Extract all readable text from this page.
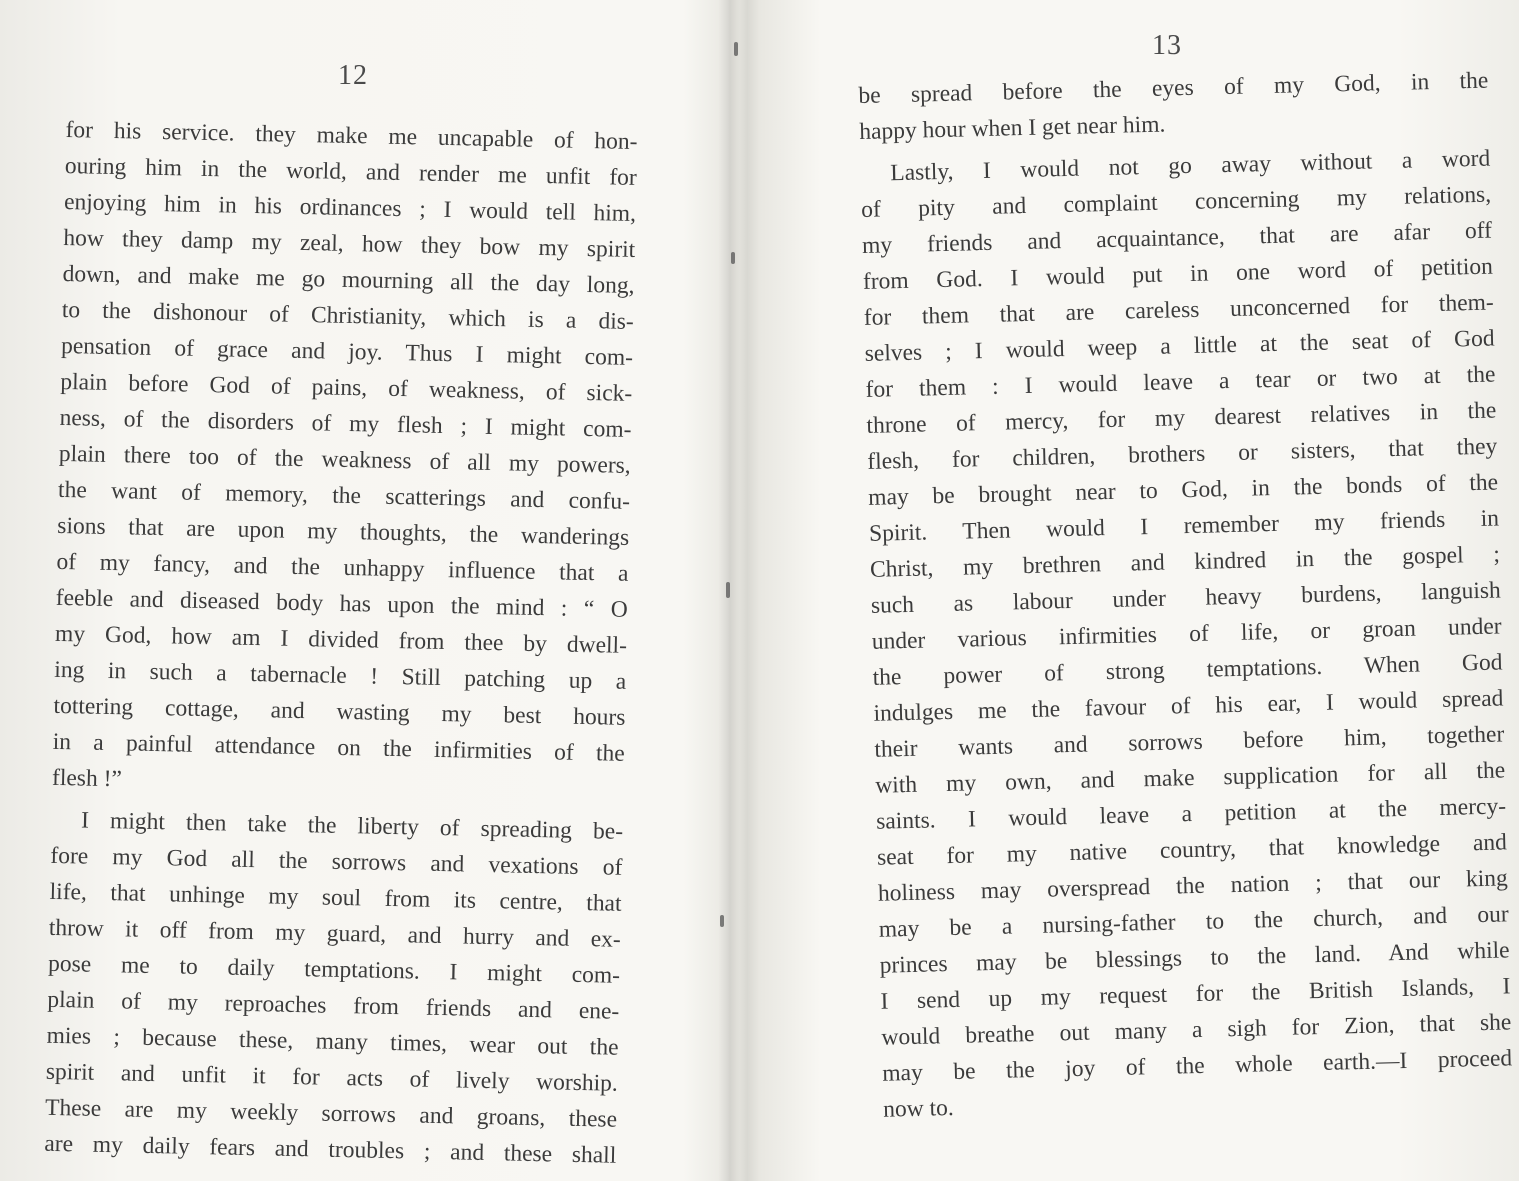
12
for his service. they make me uncapable of hon-
ouring him in the world, and render me unfit for
enjoying him in his ordinances ; I would tell him,
how they damp my zeal, how they bow my spirit
down, and make me go mourning all the day long,
to the dishonour of Christianity, which is a dis-
pensation of grace and joy. Thus I might com-
plain before God of pains, of weakness, of sick-
ness, of the disorders of my flesh ; I might com-
plain there too of the weakness of all my powers,
the want of memory, the scatterings and confu-
sions that are upon my thoughts, the wanderings
of my fancy, and the unhappy influence that a
feeble and diseased body has upon the mind : “ O
my God, how am I divided from thee by dwell-
ing in such a tabernacle ! Still patching up a
tottering cottage, and wasting my best hours
in a painful attendance on the infirmities of the
flesh !”
I might then take the liberty of spreading be-
fore my God all the sorrows and vexations of
life, that unhinge my soul from its centre, that
throw it off from my guard, and hurry and ex-
pose me to daily temptations. I might com-
plain of my reproaches from friends and ene-
mies ; because these, many times, wear out the
spirit and unfit it for acts of lively worship.
These are my weekly sorrows and groans, these
are my daily fears and troubles ; and these shall
13
be spread before the eyes of my God, in the
happy hour when I get near him.
Lastly, I would not go away without a word
of pity and complaint concerning my relations,
my friends and acquaintance, that are afar off
from God. I would put in one word of petition
for them that are careless unconcerned for them-
selves ; I would weep a little at the seat of God
for them : I would leave a tear or two at the
throne of mercy, for my dearest relatives in the
flesh, for children, brothers or sisters, that they
may be brought near to God, in the bonds of the
Spirit. Then would I remember my friends in
Christ, my brethren and kindred in the gospel ;
such as labour under heavy burdens, languish
under various infirmities of life, or groan under
the power of strong temptations. When God
indulges me the favour of his ear, I would spread
their wants and sorrows before him, together
with my own, and make supplication for all the
saints. I would leave a petition at the mercy-
seat for my native country, that knowledge and
holiness may overspread the nation ; that our king
may be a nursing-father to the church, and our
princes may be blessings to the land. And while
I send up my request for the British Islands, I
would breathe out many a sigh for Zion, that she
may be the joy of the whole earth.—I proceed
now to.
